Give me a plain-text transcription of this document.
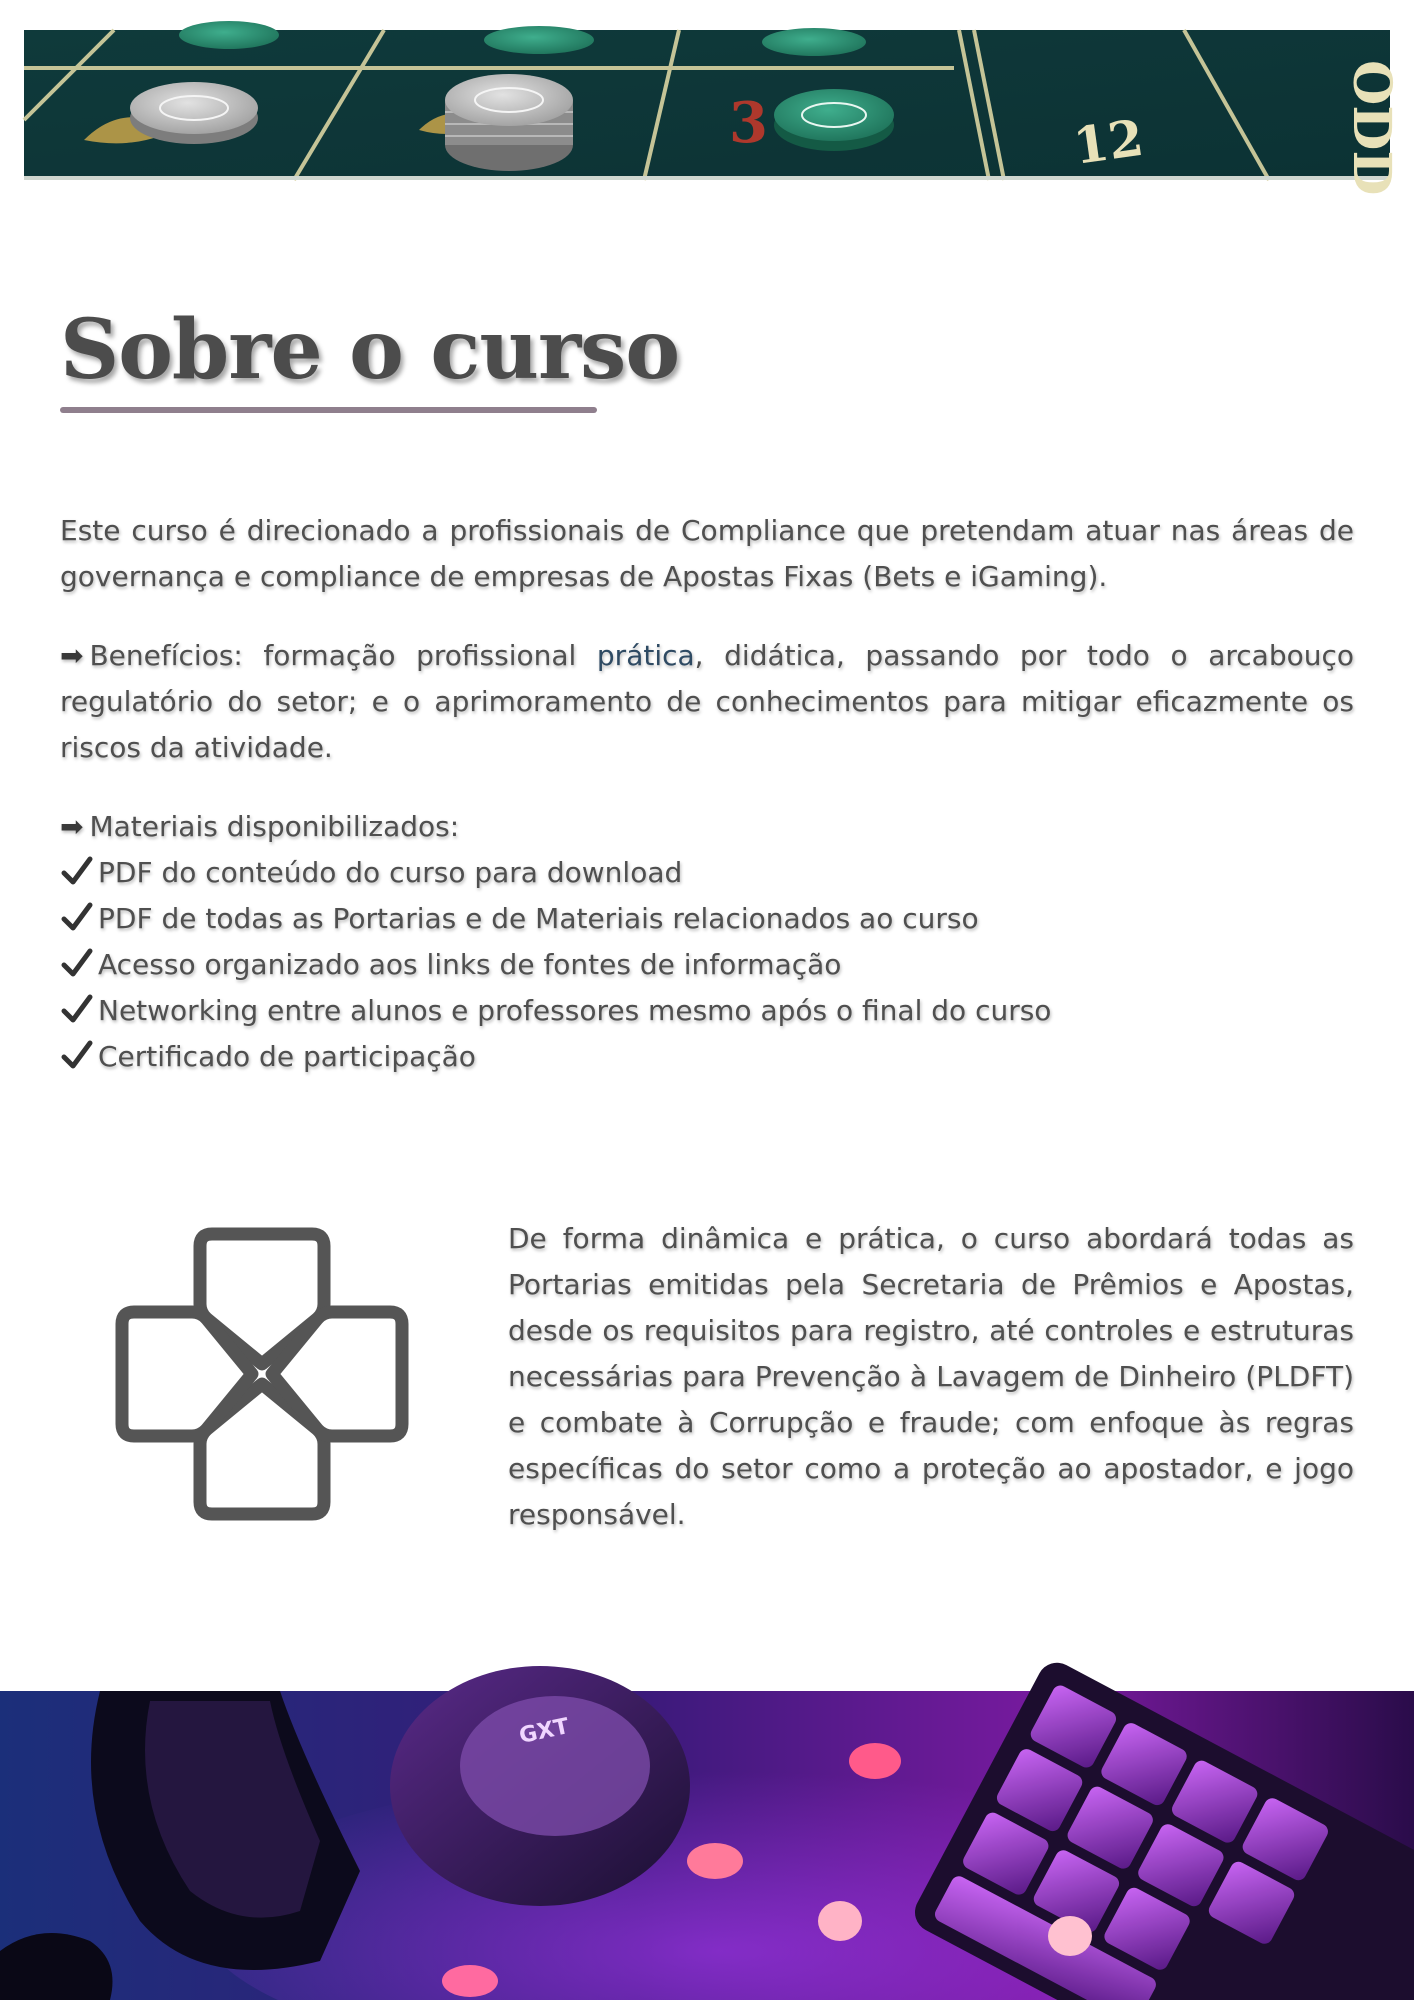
3	12	ODD
Sobre o curso
Este curso é direcionado a profissionais de Compliance que pretendam atuar nas áreas de governança e compliance de empresas de Apostas Fixas (Bets e iGaming).
➡ Benefícios: formação profissional prática, didática, passando por todo o arcabouço regulatório do setor; e o aprimoramento de conhecimentos para mitigar eficazmente os riscos da atividade.
➡ Materiais disponibilizados:
PDF do conteúdo do curso para download
PDF de todas as Portarias e de Materiais relacionados ao curso
Acesso organizado aos links de fontes de informação
Networking entre alunos e professores mesmo após o final do curso
Certificado de participação
De forma dinâmica e prática, o curso abordará todas as Portarias emitidas pela Secretaria de Prêmios e Apostas, desde os requisitos para registro, até controles e estruturas necessárias para Prevenção à Lavagem de Dinheiro (PLDFT) e combate à Corrupção e fraude; com enfoque às regras específicas do setor como a proteção ao apostador, e jogo responsável.
GXT
